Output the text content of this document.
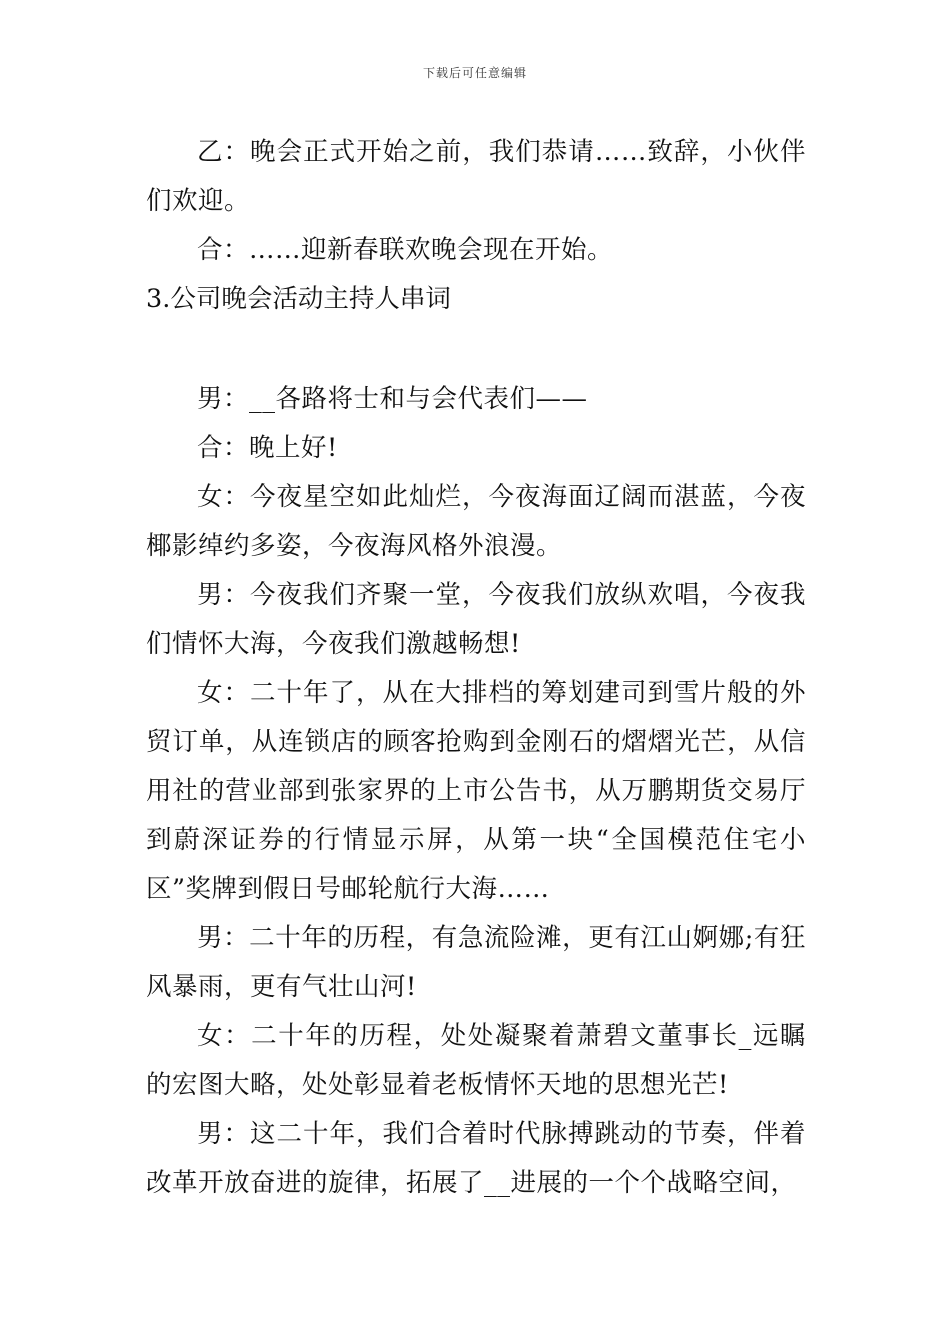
下载后可任意编辑

乙：晚会正式开始之前，我们恭请……致辞，小伙伴们欢迎。

合：……迎新春联欢晚会现在开始。

3.公司晚会活动主持人串词

男：__各路将士和与会代表们——

合：晚上好!

女：今夜星空如此灿烂，今夜海面辽阔而湛蓝，今夜椰影绰约多姿，今夜海风格外浪漫。

男：今夜我们齐聚一堂，今夜我们放纵欢唱，今夜我们情怀大海，今夜我们激越畅想!

女：二十年了，从在大排档的筹划建司到雪片般的外贸订单，从连锁店的顾客抢购到金刚石的熠熠光芒，从信用社的营业部到张家界的上市公告书，从万鹏期货交易厅到蔚深证券的行情显示屏，从第一块“全国模范住宅小区”奖牌到假日号邮轮航行大海……

男：二十年的历程，有急流险滩，更有江山婀娜;有狂风暴雨，更有气壮山河!

女：二十年的历程，处处凝聚着萧碧文董事长_远瞩的宏图大略，处处彰显着老板情怀天地的思想光芒!

男：这二十年，我们合着时代脉搏跳动的节奏，伴着改革开放奋进的旋律，拓展了__进展的一个个战略空间，
